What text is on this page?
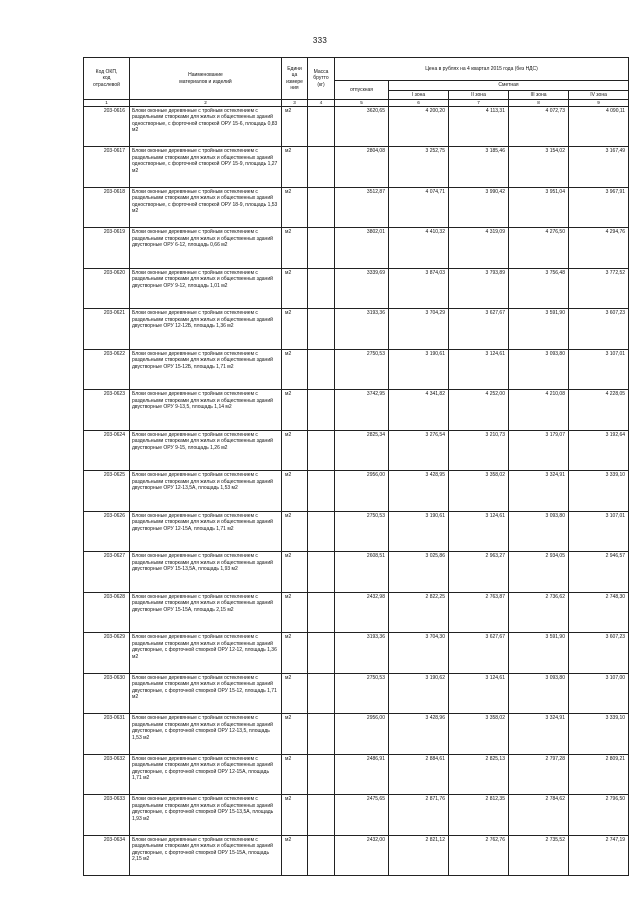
333
Код ОКП,
код
отраслевой	Наименование
материалов и изделий	Едини
ца
измере
ния	Масса
брутто
(кг)	Цена в рублях на 4 квартал 2015 года (без НДС)				
				отпускная	Сметная			
					I зона	II зона	III зона	IV зона
1	2	3	4	5	6	7	8	9
203-0616	Блоки оконные деревянные с тройным остеклением с раздельными створками для жилых и общественных зданий одностворные, с форточной створкой ОРУ 15-6, площадь 0,83 м2	м2		3620,65	4 200,20	4 113,31	4 072,73	4 090,11
203-0617	Блоки оконные деревянные с тройным остеклением с раздельными створками для жилых и общественных зданий одностворные, с форточной створкой ОРУ 15-9, площадь 1,27 м2	м2		2804,08	3 252,75	3 185,46	3 154,02	3 167,49
203-0618	Блоки оконные деревянные с тройным остеклением с раздельными створками для жилых и общественных зданий одностворные, с форточной створкой ОРУ 18-9, площадь 1,53 м2	м2		3512,87	4 074,71	3 990,42	3 951,04	3 967,91
203-0619	Блоки оконные деревянные с тройным остеклением с раздельными створками для жилых и общественных зданий двустворные ОРУ 6-12, площадь 0,66 м2	м2		3802,01	4 410,32	4 319,09	4 276,50	4 294,76
203-0620	Блоки оконные деревянные с тройным остеклением с раздельными створками для жилых и общественных зданий двустворные ОРУ 9-12, площадь 1,01 м2	м2		3339,69	3 874,03	3 793,89	3 756,48	3 772,52
203-0621	Блоки оконные деревянные с тройным остеклением с раздельными створками для жилых и общественных зданий двустворные ОРУ 12-12Б, площадь 1,36 м2	м2		3193,36	3 704,29	3 627,67	3 591,90	3 607,23
203-0622	Блоки оконные деревянные с тройным остеклением с раздельными створками для жилых и общественных зданий двустворные ОРУ 15-12Б, площадь 1,71 м2	м2		2750,53	3 190,61	3 124,61	3 093,80	3 107,01
203-0623	Блоки оконные деревянные с тройным остеклением с раздельными створками для жилых и общественных зданий двустворные ОРУ 9-13,5, площадь 1,14 м2	м2		3742,95	4 341,82	4 252,00	4 210,08	4 228,05
203-0624	Блоки оконные деревянные с тройным остеклением с раздельными створками для жилых и общественных зданий двустворные ОРУ 9-15, площадь 1,26 м2	м2		2825,34	3 276,54	3 210,73	3 179,07	3 192,64
203-0625	Блоки оконные деревянные с тройным остеклением с раздельными створками для жилых и общественных зданий двустворные ОРУ 12-13,5А, площадь 1,53 м2	м2		2956,00	3 428,95	3 358,02	3 324,91	3 339,10
203-0626	Блоки оконные деревянные с тройным остеклением с раздельными створками для жилых и общественных зданий двустворные ОРУ 12-15А, площадь 1,71 м2	м2		2750,53	3 190,61	3 124,61	3 093,80	3 107,01
203-0627	Блоки оконные деревянные с тройным остеклением с раздельными створками для жилых и общественных зданий двустворные ОРУ 15-13,5А, площадь 1,93 м2	м2		2608,51	3 025,86	2 963,27	2 934,05	2 946,57
203-0628	Блоки оконные деревянные с тройным остеклением с раздельными створками для жилых и общественных зданий двустворные ОРУ 15-15А, площадь 2,15 м2	м2		2432,98	2 822,25	2 763,87	2 736,62	2 748,30
203-0629	Блоки оконные деревянные с тройным остеклением с раздельными створками для жилых и общественных зданий двустворные, с форточной створкой ОРУ 12-12, площадь 1,36 м2	м2		3193,36	3 704,30	3 627,67	3 591,90	3 607,23
203-0630	Блоки оконные деревянные с тройным остеклением с раздельными створками для жилых и общественных зданий двустворные, с форточной створкой ОРУ 15-12, площадь 1,71 м2	м2		2750,53	3 190,62	3 124,61	3 093,80	3 107,00
203-0631	Блоки оконные деревянные с тройным остеклением с раздельными створками для жилых и общественных зданий двустворные, с форточной створкой ОРУ 12-13,5, площадь 1,53 м2	м2		2956,00	3 428,96	3 358,02	3 324,91	3 339,10
203-0632	Блоки оконные деревянные с тройным остеклением с раздельными створками для жилых и общественных зданий двустворные, с форточной створкой ОРУ 12-15А, площадь 1,71 м2	м2		2486,91	2 884,61	2 825,13	2 797,28	2 809,21
203-0633	Блоки оконные деревянные с тройным остеклением с раздельными створками для жилых и общественных зданий двустворные, с форточной створкой ОРУ 15-13,5А, площадь 1,93 м2	м2		2475,65	2 871,76	2 812,35	2 784,62	2 796,50
203-0634	Блоки оконные деревянные с тройным остеклением с раздельными створками для жилых и общественных зданий двустворные, с форточной створкой ОРУ 15-15А, площадь 2,15 м2	м2		2432,00	2 821,12	2 762,76	2 735,52	2 747,19
